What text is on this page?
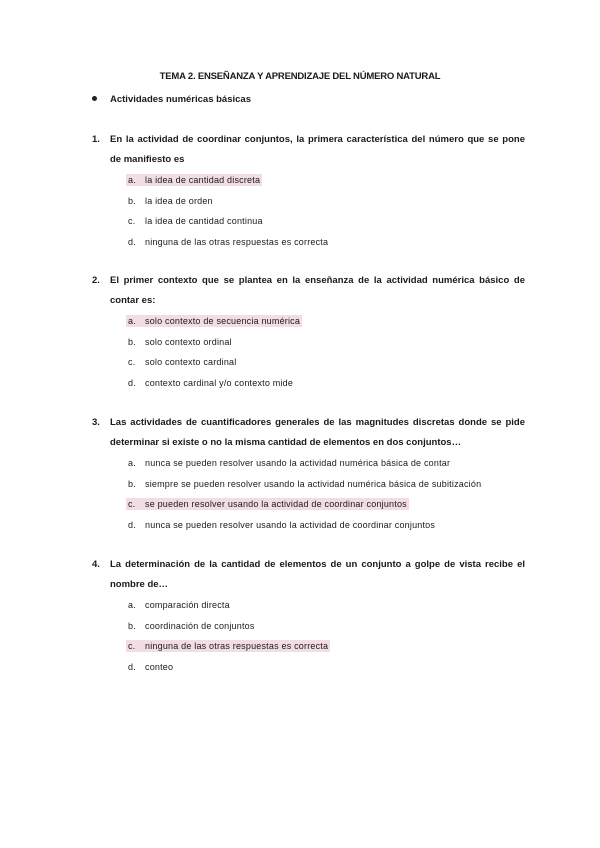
TEMA 2. ENSEÑANZA Y APRENDIZAJE DEL NÚMERO NATURAL
Actividades numéricas básicas
1. En la actividad de coordinar conjuntos, la primera característica del número que se pone
de manifiesto es
a. la idea de cantidad discreta
b. la idea de orden
c. la idea de cantidad continua
d. ninguna de las otras respuestas es correcta
2. El primer contexto que se plantea en la enseñanza de la actividad numérica básico de
contar es:
a. solo contexto de secuencia numérica
b. solo contexto ordinal
c. solo contexto cardinal
d. contexto cardinal y/o contexto mide
3. Las actividades de cuantificadores generales de las magnitudes discretas donde se pide
determinar si existe o no la misma cantidad de elementos en dos conjuntos…
a. nunca se pueden resolver usando la actividad numérica básica de contar
b. siempre se pueden resolver usando la actividad numérica básica de subitización
c. se pueden resolver usando la actividad de coordinar conjuntos
d. nunca se pueden resolver usando la actividad de coordinar conjuntos
4. La determinación de la cantidad de elementos de un conjunto a golpe de vista recibe el
nombre de…
a. comparación directa
b. coordinación de conjuntos
c. ninguna de las otras respuestas es correcta
d. conteo
